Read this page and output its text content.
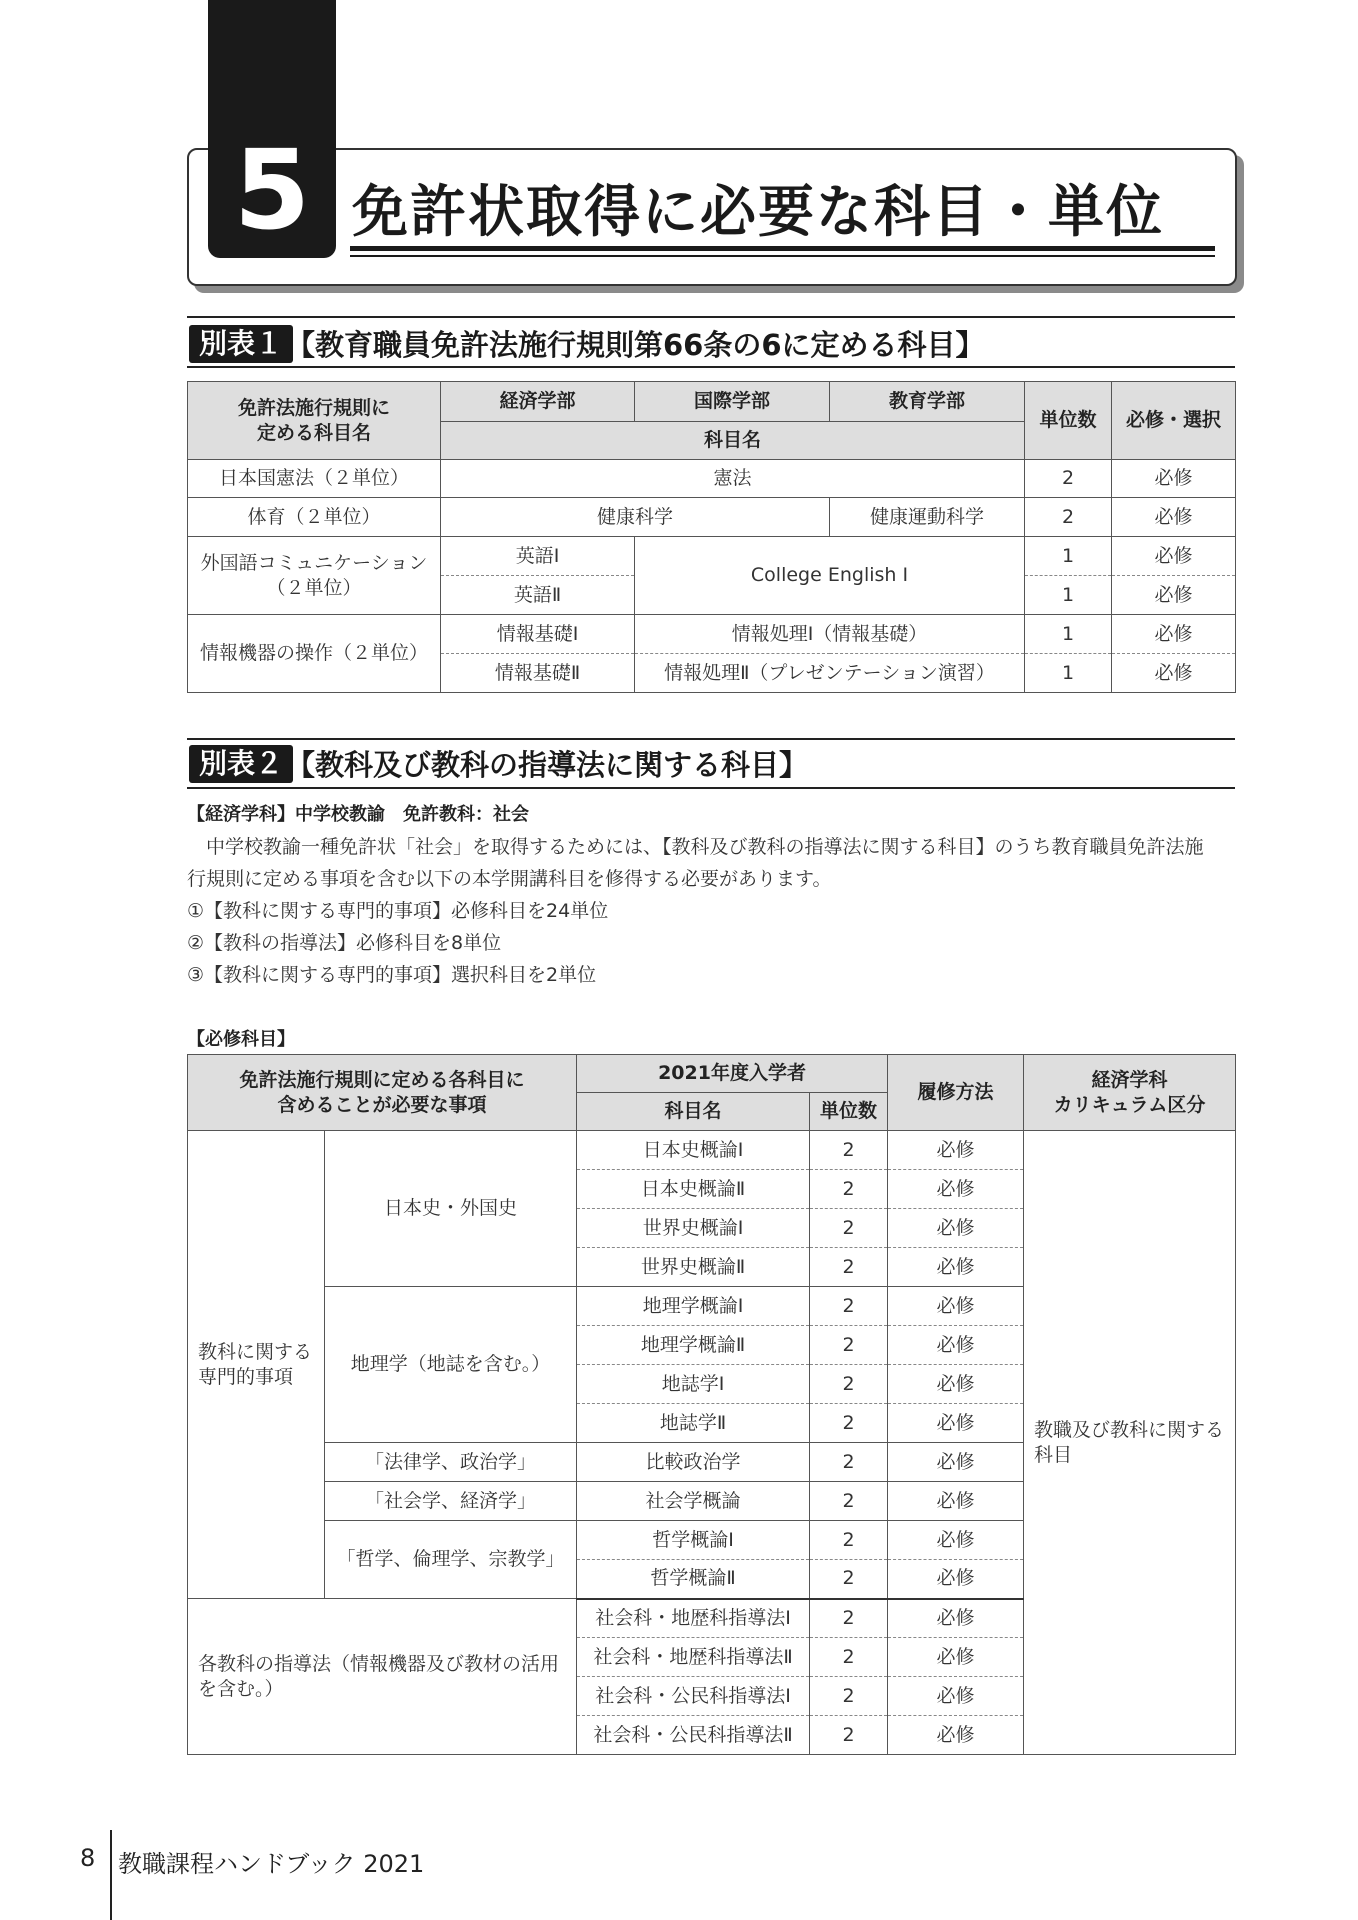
5 免許状取得に必要な科目・単位
別表１ 【教育職員免許法施行規則第66条の6に定める科目】
免許法施行規則に
定める科目名	経済学部	国際学部	教育学部	単位数	必修・選択
	科目名				
日本国憲法（２単位）	憲法			2	必修
体育（２単位）	健康科学		健康運動科学	2	必修
外国語コミュニケーション
（２単位）	英語Ⅰ	College English Ⅰ		1	必修
	英語Ⅱ			1	必修
情報機器の操作（２単位）	情報基礎Ⅰ	情報処理Ⅰ（情報基礎）		1	必修
	情報基礎Ⅱ	情報処理Ⅱ（プレゼンテーション演習）		1	必修
別表２ 【教科及び教科の指導法に関する科目】
【経済学科】中学校教諭　免許教科：社会
中学校教諭一種免許状「社会」を取得するためには、【教科及び教科の指導法に関する科目】のうち教育職員免許法施
行規則に定める事項を含む以下の本学開講科目を修得する必要があります。
①【教科に関する専門的事項】必修科目を24単位
②【教科の指導法】必修科目を8単位
③【教科に関する専門的事項】選択科目を2単位
【必修科目】
免許法施行規則に定める各科目に
含めることが必要な事項		2021年度入学者		履修方法	経済学科
カリキュラム区分
		科目名	単位数		
教科に関する
専門的事項	日本史・外国史	日本史概論Ⅰ	2	必修	教職及び教科に関する
科目
		日本史概論Ⅱ	2	必修	
		世界史概論Ⅰ	2	必修	
		世界史概論Ⅱ	2	必修	
	地理学（地誌を含む。）	地理学概論Ⅰ	2	必修	
		地理学概論Ⅱ	2	必修	
		地誌学Ⅰ	2	必修	
		地誌学Ⅱ	2	必修	
	「法律学、政治学」	比較政治学	2	必修	
	「社会学、経済学」	社会学概論	2	必修	
	「哲学、倫理学、宗教学」	哲学概論Ⅰ	2	必修	
		哲学概論Ⅱ	2	必修	
各教科の指導法（情報機器及び教材の活用を含む。）		社会科・地歴科指導法Ⅰ	2	必修	
		社会科・地歴科指導法Ⅱ	2	必修	
		社会科・公民科指導法Ⅰ	2	必修	
		社会科・公民科指導法Ⅱ	2	必修	
8 教職課程ハンドブック 2021
